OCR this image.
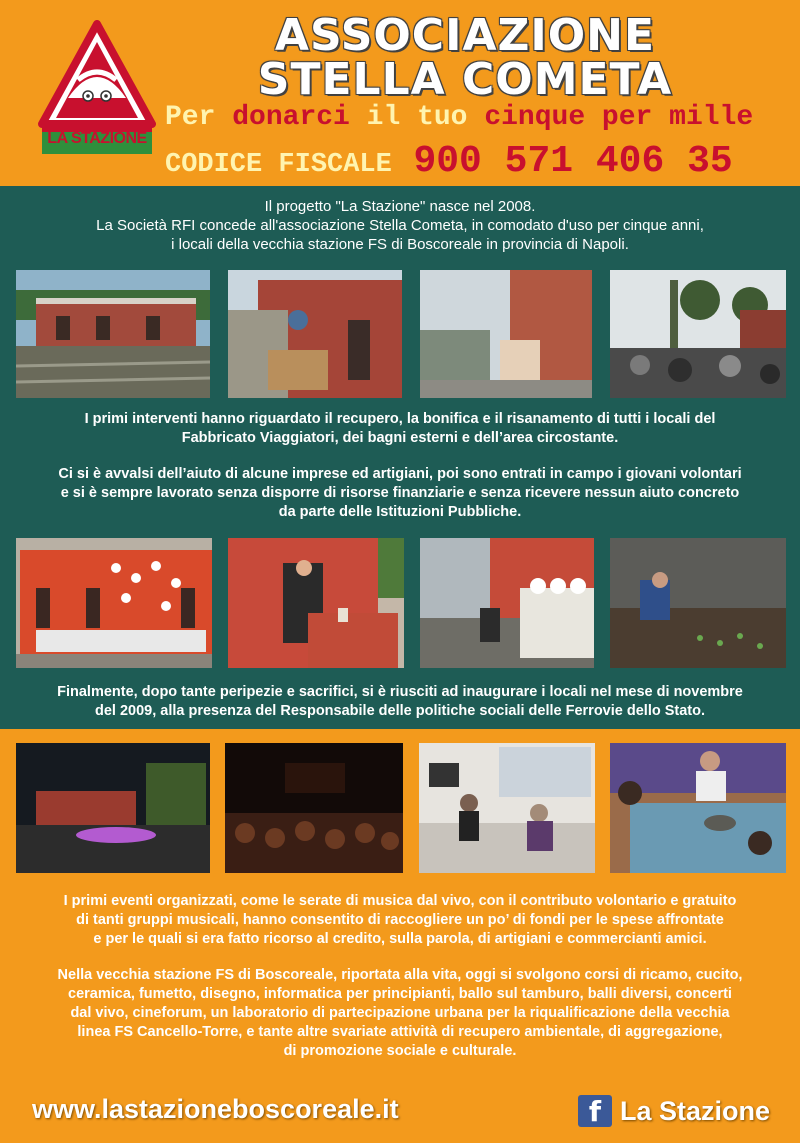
LA STAZIONE
ASSOCIAZIONE
STELLA COMETA
Per donarci il tuo cinque per mille
CODICE FISCALE 900 571 406 35
Il progetto "La Stazione" nasce nel 2008.
La Società RFI concede all'associazione Stella Cometa, in comodato d'uso per cinque anni,
i locali della vecchia stazione FS di Boscoreale in provincia di Napoli.
I primi interventi hanno riguardato il recupero, la bonifica e il risanamento di tutti i locali del
Fabbricato Viaggiatori, dei bagni esterni e dell’area circostante.
Ci si è avvalsi dell’aiuto di alcune imprese ed artigiani, poi sono entrati in campo i giovani volontari
e si è sempre lavorato senza disporre di risorse finanziarie e senza ricevere nessun aiuto concreto
da parte delle Istituzioni Pubbliche.
Finalmente, dopo tante peripezie e sacrifici, si è riusciti ad inaugurare i locali nel mese di novembre
del 2009, alla presenza del Responsabile delle politiche sociali delle Ferrovie dello Stato.
I primi eventi organizzati, come le serate di musica dal vivo, con il contributo volontario e gratuito
di tanti gruppi musicali, hanno consentito di raccogliere un po’ di fondi per le spese affrontate
e per le quali si era fatto ricorso al credito, sulla parola, di artigiani e commercianti amici.
Nella vecchia stazione FS di Boscoreale, riportata alla vita, oggi si svolgono corsi di ricamo, cucito,
ceramica, fumetto, disegno, informatica per principianti, ballo sul tamburo, balli diversi, concerti
dal vivo, cineforum, un laboratorio di partecipazione urbana per la riqualificazione della vecchia
linea FS Cancello-Torre, e tante altre svariate attività di recupero ambientale, di aggregazione,
di promozione sociale e culturale.
www.lastazioneboscoreale.it	f La Stazione
